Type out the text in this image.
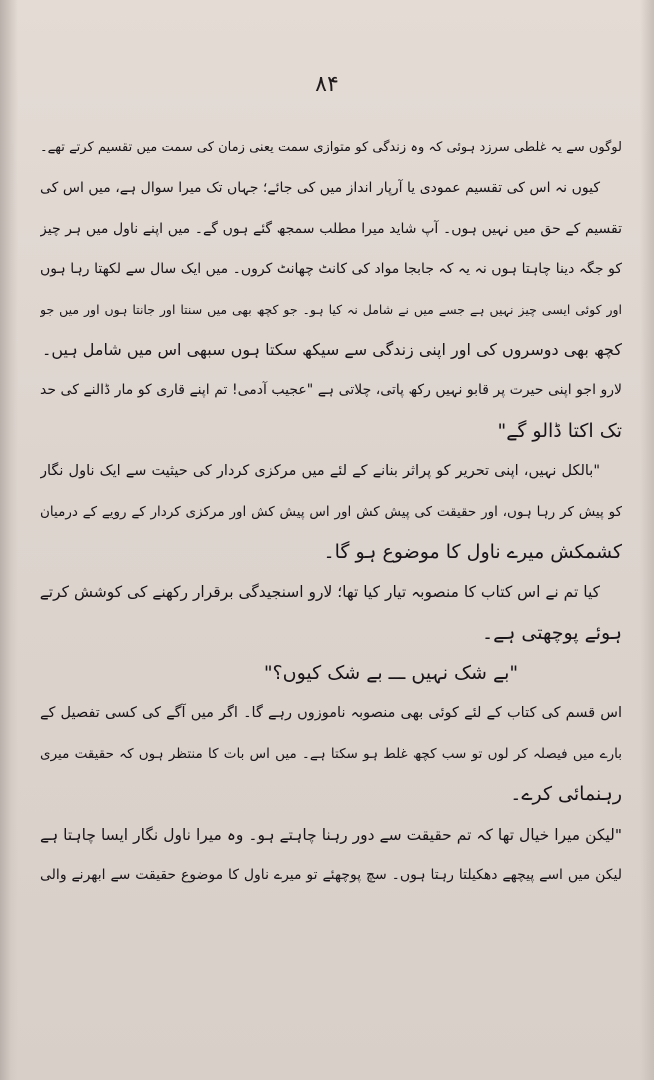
۸۴
لوگوں سے یہ غلطی سرزد ہوئی کہ وہ زندگی کو متوازی سمت یعنی زمان کی سمت میں تقسیم کرتے تھے۔
کیوں نہ اس کی تقسیم عمودی یا آرپار انداز میں کی جائے؛ جہاں تک میرا سوال ہے، میں اس کی
تقسیم کے حق میں نہیں ہوں۔ آپ شاید میرا مطلب سمجھ گئے ہوں گے۔ میں اپنے ناول میں ہر چیز
کو جگہ دینا چاہتا ہوں نہ یہ کہ جابجا مواد کی کانٹ چھانٹ کروں۔ میں ایک سال سے لکھتا رہا ہوں
اور کوئی ایسی چیز نہیں ہے جسے میں نے شامل نہ کیا ہو۔ جو کچھ بھی میں سنتا اور جانتا ہوں اور میں جو
کچھ بھی دوسروں کی اور اپنی زندگی سے سیکھ سکتا ہوں سبھی اس میں شامل ہیں۔
لارو اجو اپنی حیرت پر قابو نہیں رکھ پاتی، چلاتی ہے "عجیب آدمی! تم اپنے قاری کو مار ڈالنے کی حد
تک اکتا ڈالو گے"
"بالکل نہیں، اپنی تحریر کو پراثر بنانے کے لئے میں مرکزی کردار کی حیثیت سے ایک ناول نگار
کو پیش کر رہا ہوں، اور حقیقت کی پیش کش اور اس پیش کش اور مرکزی کردار کے رویے کے درمیان
کشمکش میرے ناول کا موضوع ہو گا۔
کیا تم نے اس کتاب کا منصوبہ تیار کیا تھا؛ لارو اسنجیدگی برقرار رکھنے کی کوشش کرتے
ہوئے پوچھتی ہے۔
"بے شک نہیں ـــ بے شک کیوں؟"
اس قسم کی کتاب کے لئے کوئی بھی منصوبہ ناموزوں رہے گا۔ اگر میں آگے کی کسی تفصیل کے
بارے میں فیصلہ کر لوں تو سب کچھ غلط ہو سکتا ہے۔ میں اس بات کا منتظر ہوں کہ حقیقت میری
رہنمائی کرے۔
"لیکن میرا خیال تھا کہ تم حقیقت سے دور رہنا چاہتے ہو۔ وہ میرا ناول نگار ایسا چاہتا ہے
لیکن میں اسے پیچھے دھکیلتا رہتا ہوں۔ سچ پوچھئے تو میرے ناول کا موضوع حقیقت سے ابھرنے والی
